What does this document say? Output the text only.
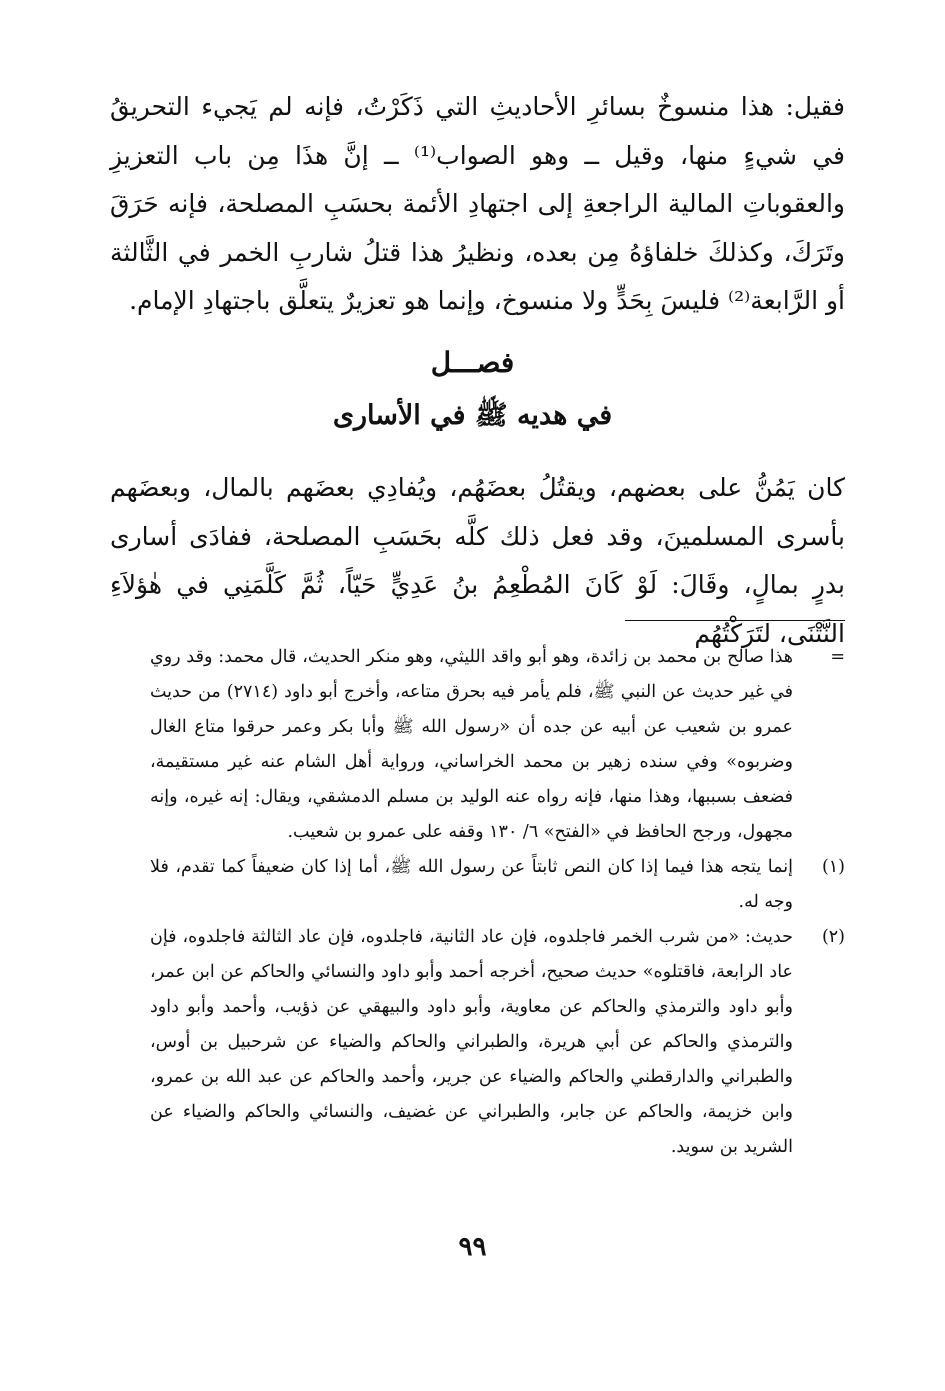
فقيل: هذا منسوخٌ بسائرِ الأحاديثِ التي ذَكَرْتُ، فإنه لم يَجيء التحريقُ في شيءٍ منها، وقيل ــ وهو الصواب⁽¹⁾ ــ إنَّ هذَا مِن باب التعزيزِ والعقوباتِ المالية الراجعةِ إلى اجتهادِ الأئمة بحسَبِ المصلحة، فإنه حَرَقَ وتَرَكَ، وكذلكَ خلفاؤهُ مِن بعده، ونظيرُ هذا قتلُ شاربِ الخمر في الثَّالثة أو الرَّابعة⁽²⁾ فليسَ بِحَدٍّ ولا منسوخ، وإنما هو تعزيرٌ يتعلَّق باجتهادِ الإمام.
فصـــل
في هديه ﷺ في الأسارى
كان يَمُنُّ على بعضهم، ويقتُلُ بعضَهُم، ويُفادِي بعضَهم بالمال، وبعضَهم بأسرى المسلمينَ، وقد فعل ذلك كلَّه بحَسَبِ المصلحة، ففادَى أسارى بدرٍ بمالٍ، وقَالَ: لَوْ كَانَ المُطْعِمُ بنُ عَدِيٍّ حَيّاً، ثُمَّ كَلَّمَنِي في هٰؤلاَءِ النَّتْنَى، لتَرَكْتُهُم
=
هذا صالح بن محمد بن زائدة، وهو أبو واقد الليثي، وهو منكر الحديث، قال محمد: وقد روي في غير حديث عن النبي ﷺ، فلم يأمر فيه بحرق متاعه، وأخرج أبو داود (٢٧١٤) من حديث عمرو بن شعيب عن أبيه عن جده أن «رسول الله ﷺ وأبا بكر وعمر حرقوا متاع الغال وضربوه» وفي سنده زهير بن محمد الخراساني، ورواية أهل الشام عنه غير مستقيمة، فضعف بسببها، وهذا منها، فإنه رواه عنه الوليد بن مسلم الدمشقي، ويقال: إنه غيره، وإنه مجهول، ورجح الحافظ في «الفتح» ٦/ ١٣٠ وقفه على عمرو بن شعيب.
(١)
إنما يتجه هذا فيما إذا كان النص ثابتاً عن رسول الله ﷺ، أما إذا كان ضعيفاً كما تقدم، فلا وجه له.
(٢)
حديث: «من شرب الخمر فاجلدوه، فإن عاد الثانية، فاجلدوه، فإن عاد الثالثة فاجلدوه، فإن عاد الرابعة، فاقتلوه» حديث صحيح، أخرجه أحمد وأبو داود والنسائي والحاكم عن ابن عمر، وأبو داود والترمذي والحاكم عن معاوية، وأبو داود والبيهقي عن ذؤيب، وأحمد وأبو داود والترمذي والحاكم عن أبي هريرة، والطبراني والحاكم والضياء عن شرحبيل بن أوس، والطبراني والدارقطني والحاكم والضياء عن جرير، وأحمد والحاكم عن عبد الله بن عمرو، وابن خزيمة، والحاكم عن جابر، والطبراني عن غضيف، والنسائي والحاكم والضياء عن الشريد بن سويد.
٩٩
